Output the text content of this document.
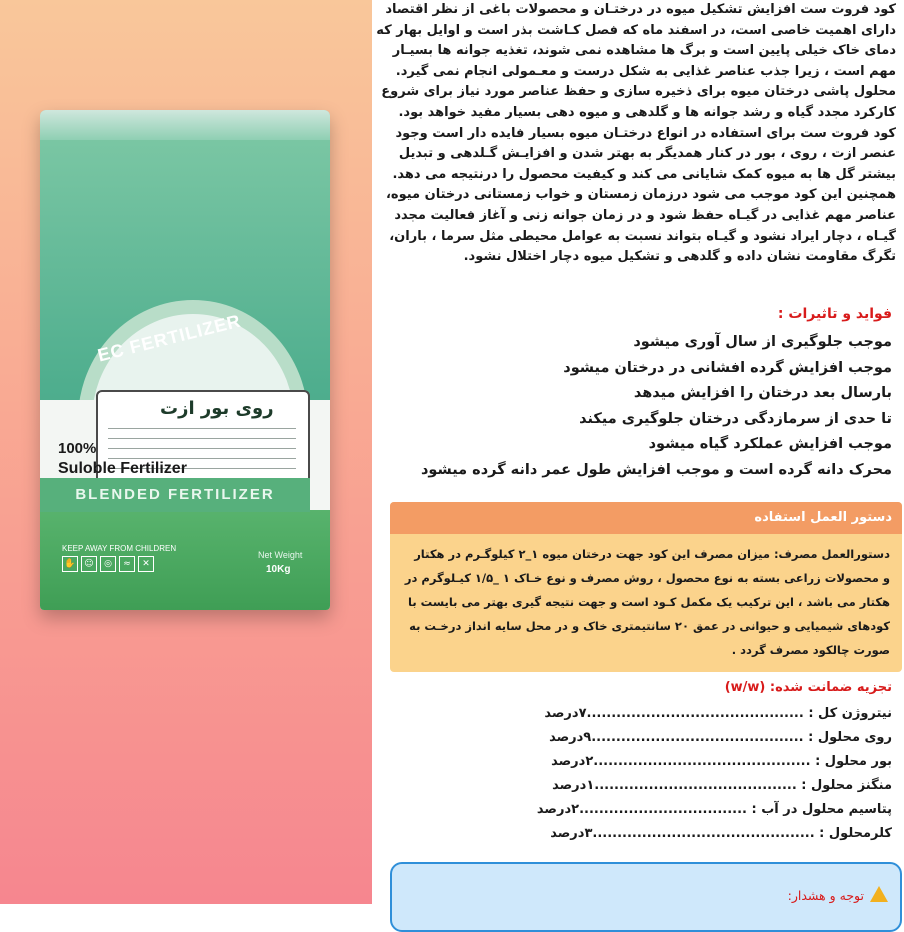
روی بور ازت
EC FERTILIZER
100%
Suloble Fertilizer
BLENDED FERTILIZER
KEEP AWAY FROM CHILDREN
✋ ☺	◎	≈	✕
Net Weight
10Kg

کود فروت ست افزایش تشکیل میوه در درختـان و محصولات باغی از نظر اقتصاد دارای اهمیت خاصی است، در اسفند ماه که فصل کـاشت بذر است و اوایل بهار که دمای خاک خیلی پایین است و برگ ها مشاهده نمی شوند، تغذیه جوانه ها بسیـار مهم است ، زیرا جذب عناصر غذایی به شکل درست و معـمولی انجام نمی گیرد.

محلول پاشی درختان میوه برای ذخیره سازی و حفظ عناصر مورد نیاز برای شروع کارکرد مجدد گیاه و رشد جوانه ها و گلدهی و میوه دهی بسیار مفید خواهد بود.

کود فروت ست برای استفاده در انواع درختـان میوه بسیار فایده دار است وجود عنصر ازت ، روی ، بور در کنار همدیگر به بهتر شدن و افزایـش گـلدهی و تبدیل بیشتر گل ها به میوه کمک شایانی می کند و کیفیت محصول را درنتیجه می دهد.

همچنین این کود موجب می شود درزمان زمستان و خواب زمستانی درختان میوه، عناصر مهم غذایی در گیـاه حفظ شود و در زمان جوانه زنی و آغاز فعالیت مجدد گیـاه ، دچار ایراد نشود و گیـاه بتواند نسبت به عوامل محیطی مثل سرما ، باران، تگرگ مقاومت نشان داده و گلدهی و تشکیل میوه دچار اختلال نشود.

فواید و تاثیرات :
موجب جلوگیری از سال آوری میشود
موجب افزایش گرده افشانی در درختان میشود
بارسال بعد درختان را افزایش میدهد
تا حدی از سرمازدگی درختان جلوگیری میکند
موجب افزایش عملکرد گیاه میشود
محرک دانه گرده است و موجب افزایش طول عمر دانه گرده میشود
تجزیه ضمانت شده: (w/w)
نیتروژن کل : ............................................۷درصد
روی محلول : ...........................................۹درصد
بور محلول : ............................................۲درصد
منگنز محلول : .........................................۱درصد
پتاسیم محلول در آب : ..................................۲درصد
کلرمحلول : .............................................۳درصد
دستور العمل استفاده

دستورالعمل مصرف: میزان مصرف این کود جهت درختان میوه ۱_۲ کیلوگـرم در هکتار و محصولات زراعی بسته به نوع محصول ، روش مصرف و نوع خـاک ۱ _۱/۵ کیـلوگرم در هکتار می باشد ، این ترکیب یک مکمل کـود است و جهت نتیجه گیری بهتر می بایست با کودهای شیمیایی و حیوانی در عمق ۲۰ سانتیمتری خاک و در محل سایه انداز درخـت به صورت چالکود مصرف گردد .

توجه و هشدار:
